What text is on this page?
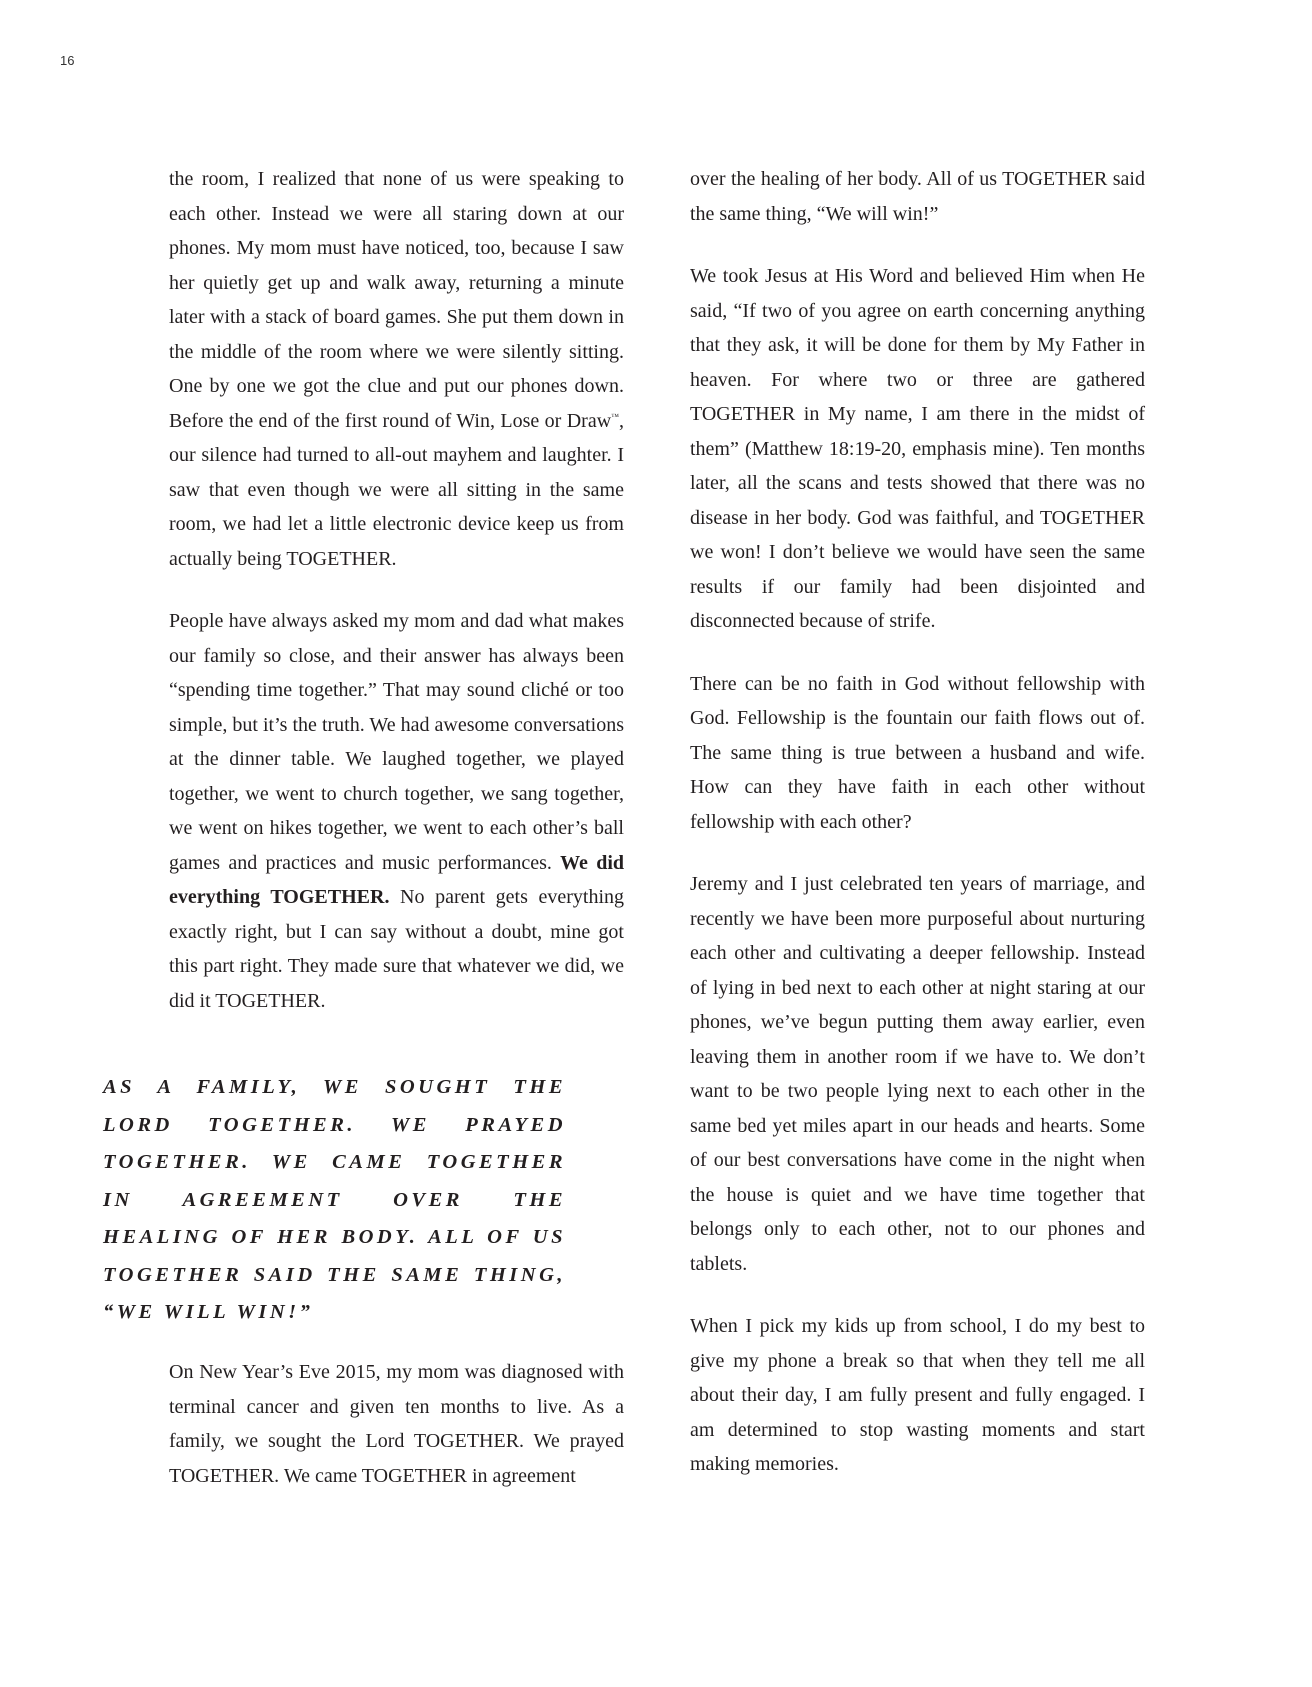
16

the room, I realized that none of us were speaking to each other. Instead we were all staring down at our phones. My mom must have noticed, too, because I saw her quietly get up and walk away, returning a minute later with a stack of board games. She put them down in the middle of the room where we were silently sitting. One by one we got the clue and put our phones down. Before the end of the first round of Win, Lose or Draw™, our silence had turned to all-out mayhem and laughter. I saw that even though we were all sitting in the same room, we had let a little electronic device keep us from actually being TOGETHER.

People have always asked my mom and dad what makes our family so close, and their answer has always been “spending time together.” That may sound cliché or too simple, but it’s the truth. We had awesome conversations at the dinner table. We laughed together, we played together, we went to church together, we sang together, we went on hikes together, we went to each other’s ball games and practices and music performances. We did everything TOGETHER. No parent gets everything exactly right, but I can say without a doubt, mine got this part right. They made sure that whatever we did, we did it TOGETHER.

AS A FAMILY, WE SOUGHT THE LORD TOGETHER. WE PRAYED TOGETHER. WE CAME TOGETHER IN AGREEMENT OVER THE HEALING OF HER BODY. ALL OF US TOGETHER SAID THE SAME THING, “WE WILL WIN!”

On New Year’s Eve 2015, my mom was diagnosed with terminal cancer and given ten months to live. As a family, we sought the Lord TOGETHER. We prayed TOGETHER. We came TOGETHER in agreement

over the healing of her body. All of us TOGETHER said the same thing, “We will win!”

We took Jesus at His Word and believed Him when He said, “If two of you agree on earth concerning anything that they ask, it will be done for them by My Father in heaven. For where two or three are gathered TOGETHER in My name, I am there in the midst of them” (Matthew 18:19-20, emphasis mine). Ten months later, all the scans and tests showed that there was no disease in her body. God was faithful, and TOGETHER we won! I don’t believe we would have seen the same results if our family had been disjointed and disconnected because of strife.

There can be no faith in God without fellowship with God. Fellowship is the fountain our faith flows out of. The same thing is true between a husband and wife. How can they have faith in each other without fellowship with each other?

Jeremy and I just celebrated ten years of marriage, and recently we have been more purposeful about nurturing each other and cultivating a deeper fellowship. Instead of lying in bed next to each other at night staring at our phones, we’ve begun putting them away earlier, even leaving them in another room if we have to. We don’t want to be two people lying next to each other in the same bed yet miles apart in our heads and hearts. Some of our best conversations have come in the night when the house is quiet and we have time together that belongs only to each other, not to our phones and tablets.

When I pick my kids up from school, I do my best to give my phone a break so that when they tell me all about their day, I am fully present and fully engaged. I am determined to stop wasting moments and start making memories.
